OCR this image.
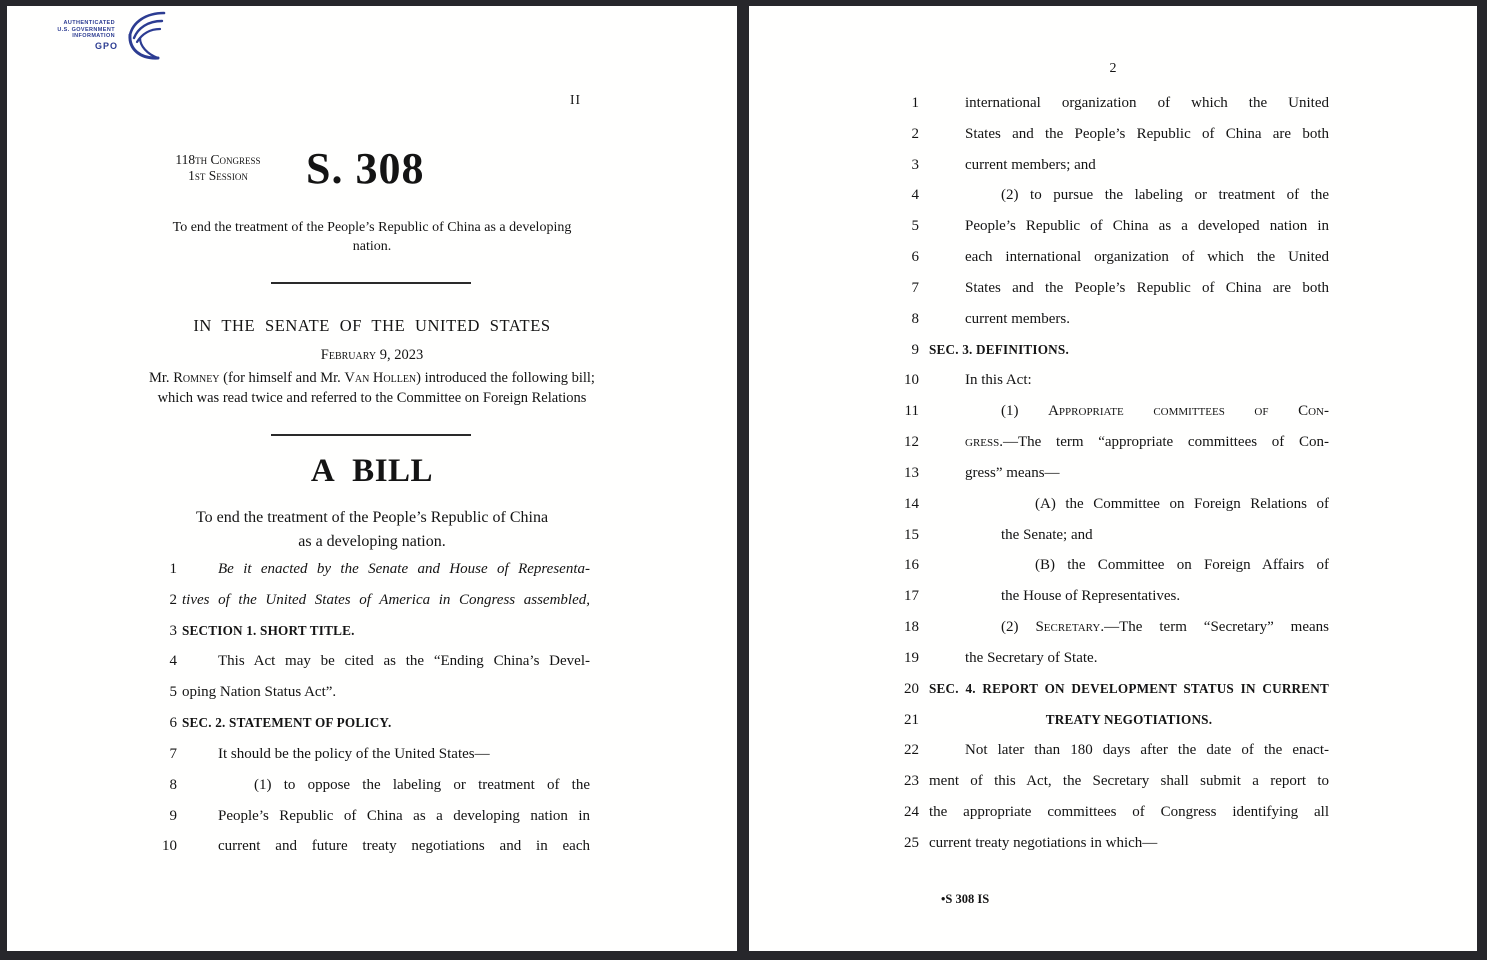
AUTHENTICATED
U.S. GOVERNMENT
INFORMATION
GPO
II
118th Congress
1st Session	S. 308
To end the treatment of the People’s Republic of China as a developing
nation.
IN THE SENATE OF THE UNITED STATES
February 9, 2023
Mr. Romney (for himself and Mr. Van Hollen) introduced the following bill;
which was read twice and referred to the Committee on Foreign Relations
A BILL
To end the treatment of the People’s Republic of China
as a developing nation.
1	Be it enacted by the Senate and House of Representa-
2 tives of the United States of America in Congress assembled,
3 SECTION 1. SHORT TITLE.
4	This Act may be cited as the “Ending China’s Devel-
5 oping Nation Status Act”.
6 SEC. 2. STATEMENT OF POLICY.
7	It should be the policy of the United States—
8	(1) to oppose the labeling or treatment of the
9	People’s Republic of China as a developing nation in
10	current and future treaty negotiations and in each
2
1	international organization of which the United
2	States and the People’s Republic of China are both
3	current members; and
4	(2) to pursue the labeling or treatment of the
5	People’s Republic of China as a developed nation in
6	each international organization of which the United
7	States and the People’s Republic of China are both
8	current members.
9 SEC. 3. DEFINITIONS.
10	In this Act:
11	(1) Appropriate committees of Con-
12	gress.—The term “appropriate committees of Con-
13	gress” means—
14	(A) the Committee on Foreign Relations of
15	the Senate; and
16	(B) the Committee on Foreign Affairs of
17	the House of Representatives.
18	(2) Secretary.—The term “Secretary” means
19	the Secretary of State.
20 SEC. 4. REPORT ON DEVELOPMENT STATUS IN CURRENT
21	TREATY NEGOTIATIONS.
22	Not later than 180 days after the date of the enact-
23 ment of this Act, the Secretary shall submit a report to
24 the appropriate committees of Congress identifying all
25 current treaty negotiations in which—
•S 308 IS
